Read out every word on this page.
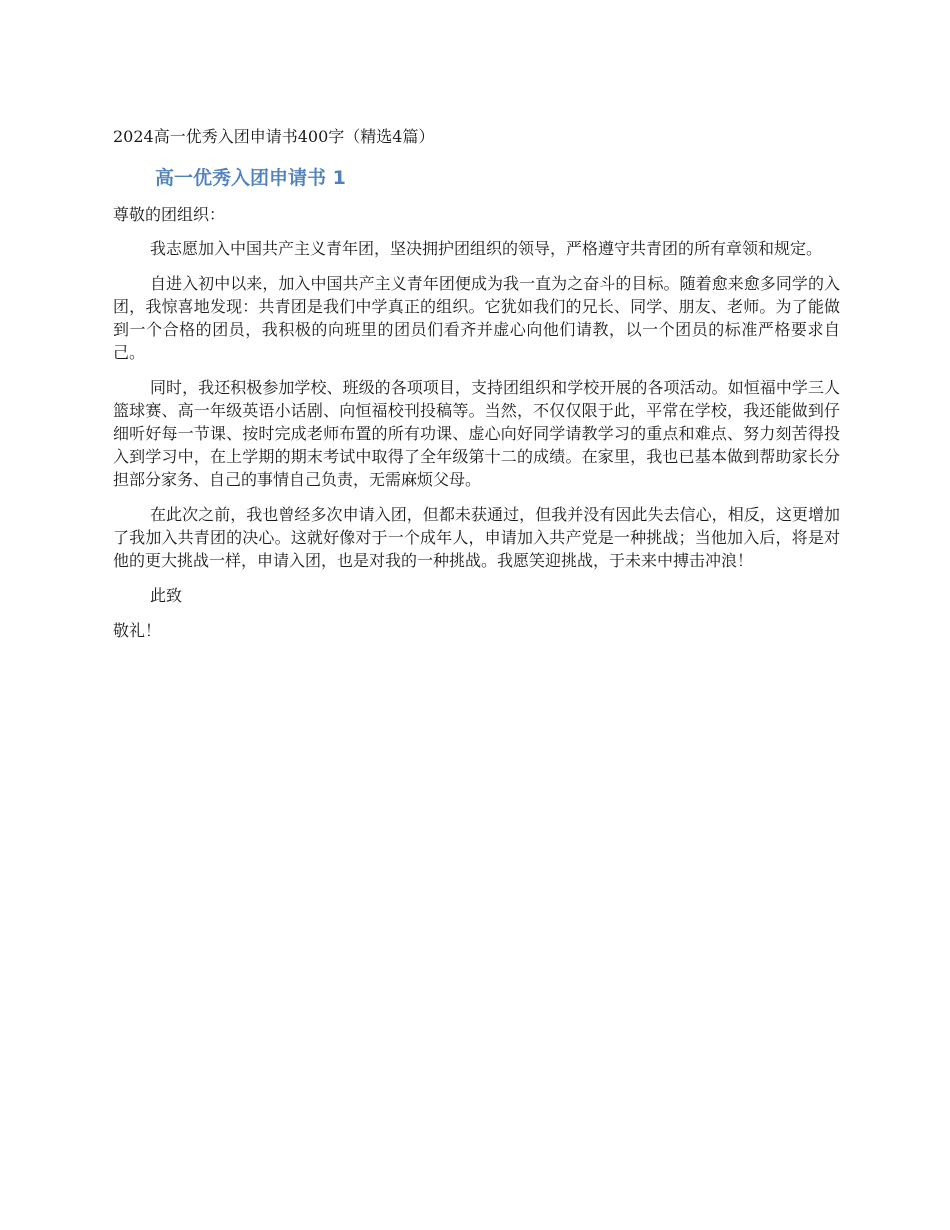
2024高一优秀入团申请书400字（精选4篇）
高一优秀入团申请书 1

尊敬的团组织：

我志愿加入中国共产主义青年团，坚决拥护团组织的领导，严格遵守共青团的所有章领和规定。

自进入初中以来，加入中国共产主义青年团便成为我一直为之奋斗的目标。随着愈来愈多同学的入团，我惊喜地发现：共青团是我们中学真正的组织。它犹如我们的兄长、同学、朋友、老师。为了能做到一个合格的团员，我积极的向班里的团员们看齐并虚心向他们请教，以一个团员的标准严格要求自己。

同时，我还积极参加学校、班级的各项项目，支持团组织和学校开展的各项活动。如恒福中学三人篮球赛、高一年级英语小话剧、向恒福校刊投稿等。当然，不仅仅限于此，平常在学校，我还能做到仔细听好每一节课、按时完成老师布置的所有功课、虚心向好同学请教学习的重点和难点、努力刻苦得投入到学习中，在上学期的期末考试中取得了全年级第十二的成绩。在家里，我也已基本做到帮助家长分担部分家务、自己的事情自己负责，无需麻烦父母。

在此次之前，我也曾经多次申请入团，但都未获通过，但我并没有因此失去信心，相反，这更增加了我加入共青团的决心。这就好像对于一个成年人，申请加入共产党是一种挑战；当他加入后，将是对他的更大挑战一样，申请入团，也是对我的一种挑战。我愿笑迎挑战，于未来中搏击冲浪！

此致

敬礼！
